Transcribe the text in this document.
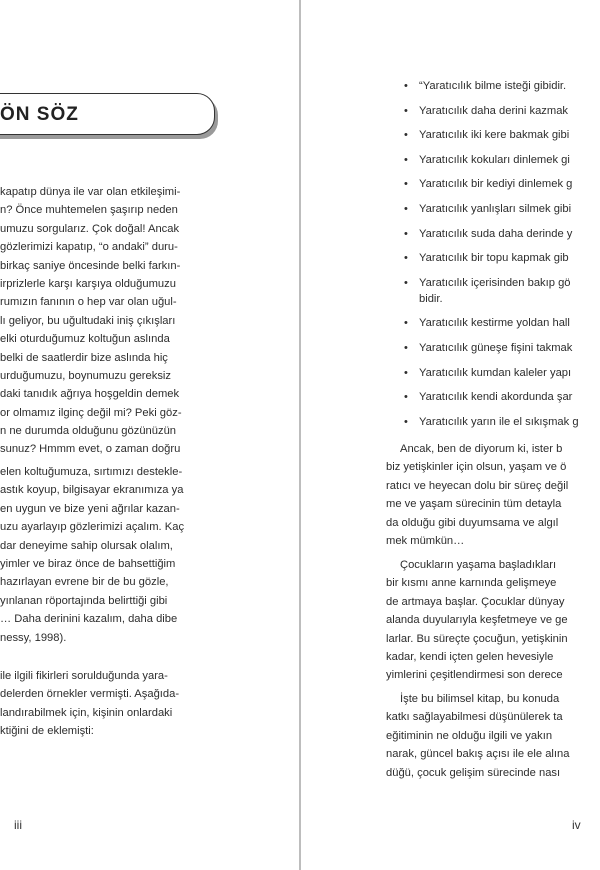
ÖN SÖZ
kapatıp dünya ile var olan etkileşimi-
n? Önce muhtemelen şaşırıp neden
umuzu sorgularız. Çok doğal! Ancak
gözlerimizi kapatıp, “o andaki” duru-
birkaç saniye öncesinde belki farkın-
irprizlerle karşı karşıya olduğumuzu
rumızın fanının o hep var olan uğul-
lı geliyor, bu uğultudaki iniş çıkışları
elki oturduğumuz koltuğun aslında
belki de saatlerdir bize aslında hiç
urduğumuzu, boynumuzu gereksiz
daki tanıdık ağrıya hoşgeldin demek
or olmamız ilginç değil mi? Peki göz-
n ne durumda olduğunu gözünüzün
sunuz? Hmmm evet, o zaman doğru
elen koltuğumuza, sırtımızı destekle-
astık koyup, bilgisayar ekranımıza ya
en uygun ve bize yeni ağrılar kazan-
uzu ayarlayıp gözlerimizi açalım. Kaç
dar deneyime sahip olursak olalım,
yimler ve biraz önce de bahsettiğim
hazırlayan evrene bir de bu gözle,
yınlanan röportajında belirttiği gibi
… Daha derinini kazalım, daha dibe
nessy, 1998).
ile ilgili fikirleri sorulduğunda yara-
delerden örnekler vermişti. Aşağıda-
landırabilmek için, kişinin onlardaki
ktiğini de eklemişti:
iii
• “Yaratıcılık bilme isteği gibidir.
• Yaratıcılık daha derini kazmak
• Yaratıcılık iki kere bakmak gibi
• Yaratıcılık kokuları dinlemek gi
• Yaratıcılık bir kediyi dinlemek g
• Yaratıcılık yanlışları silmek gibi
• Yaratıcılık suda daha derinde y
• Yaratıcılık bir topu kapmak gib
• Yaratıcılık içerisinden bakıp gö
bidir.
• Yaratıcılık kestirme yoldan hall
• Yaratıcılık güneşe fişini takmak
• Yaratıcılık kumdan kaleler yapı
• Yaratıcılık kendi akordunda şar
• Yaratıcılık yarın ile el sıkışmak g
Ancak, ben de diyorum ki, ister b
biz yetişkinler için olsun, yaşam ve ö
ratıcı ve heyecan dolu bir süreç değil
me ve yaşam sürecinin tüm detayla
da olduğu gibi duyumsama ve algıl
mek mümkün…
Çocukların yaşama başladıkları
bir kısmı anne karnında gelişmeye
de artmaya başlar. Çocuklar dünyay
alanda duyularıyla keşfetmeye ve ge
larlar. Bu süreçte çocuğun, yetişkinin
kadar, kendi içten gelen hevesiyle
yimlerini çeşitlendirmesi son derece
İşte bu bilimsel kitap, bu konuda
katkı sağlayabilmesi düşünülerek ta
eğitiminin ne olduğu ilgili ve yakın
narak, güncel bakış açısı ile ele alına
düğü, çocuk gelişim sürecinde nası
iv
